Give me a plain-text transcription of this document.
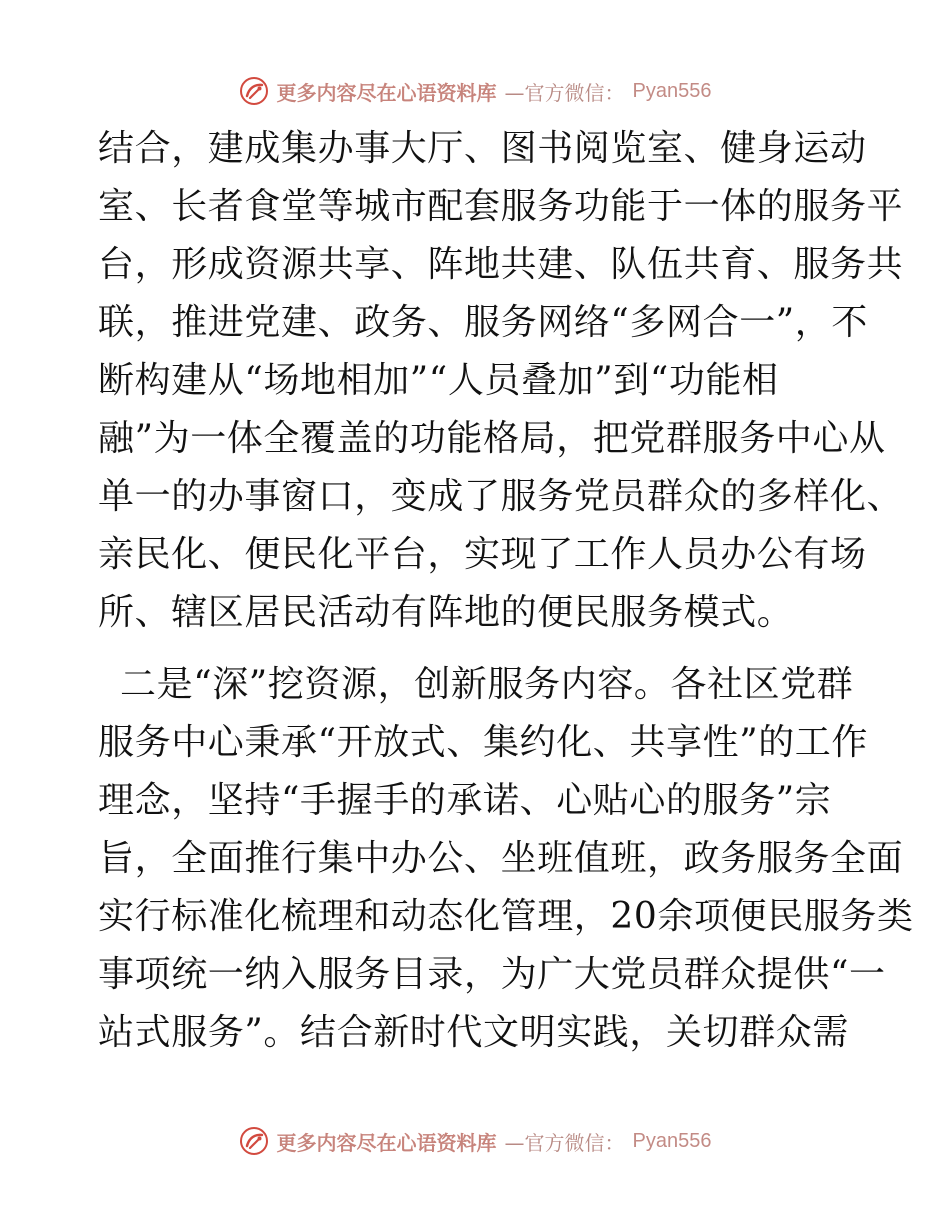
更多内容尽在心语资料库 —官方微信： Pyan556
结合，建成集办事大厅、图书阅览室、健身运动
室、长者食堂等城市配套服务功能于一体的服务平
台，形成资源共享、阵地共建、队伍共育、服务共
联，推进党建、政务、服务网络“多网合一”，不
断构建从“场地相加”“人员叠加”到“功能相
融”为一体全覆盖的功能格局，把党群服务中心从
单一的办事窗口，变成了服务党员群众的多样化、
亲民化、便民化平台，实现了工作人员办公有场
所、辖区居民活动有阵地的便民服务模式。
二是“深”挖资源，创新服务内容。各社区党群
服务中心秉承“开放式、集约化、共享性”的工作
理念，坚持“手握手的承诺、心贴心的服务”宗
旨，全面推行集中办公、坐班值班，政务服务全面
实行标准化梳理和动态化管理，20余项便民服务类
事项统一纳入服务目录，为广大党员群众提供“一
站式服务”。结合新时代文明实践，关切群众需
更多内容尽在心语资料库 —官方微信： Pyan556
